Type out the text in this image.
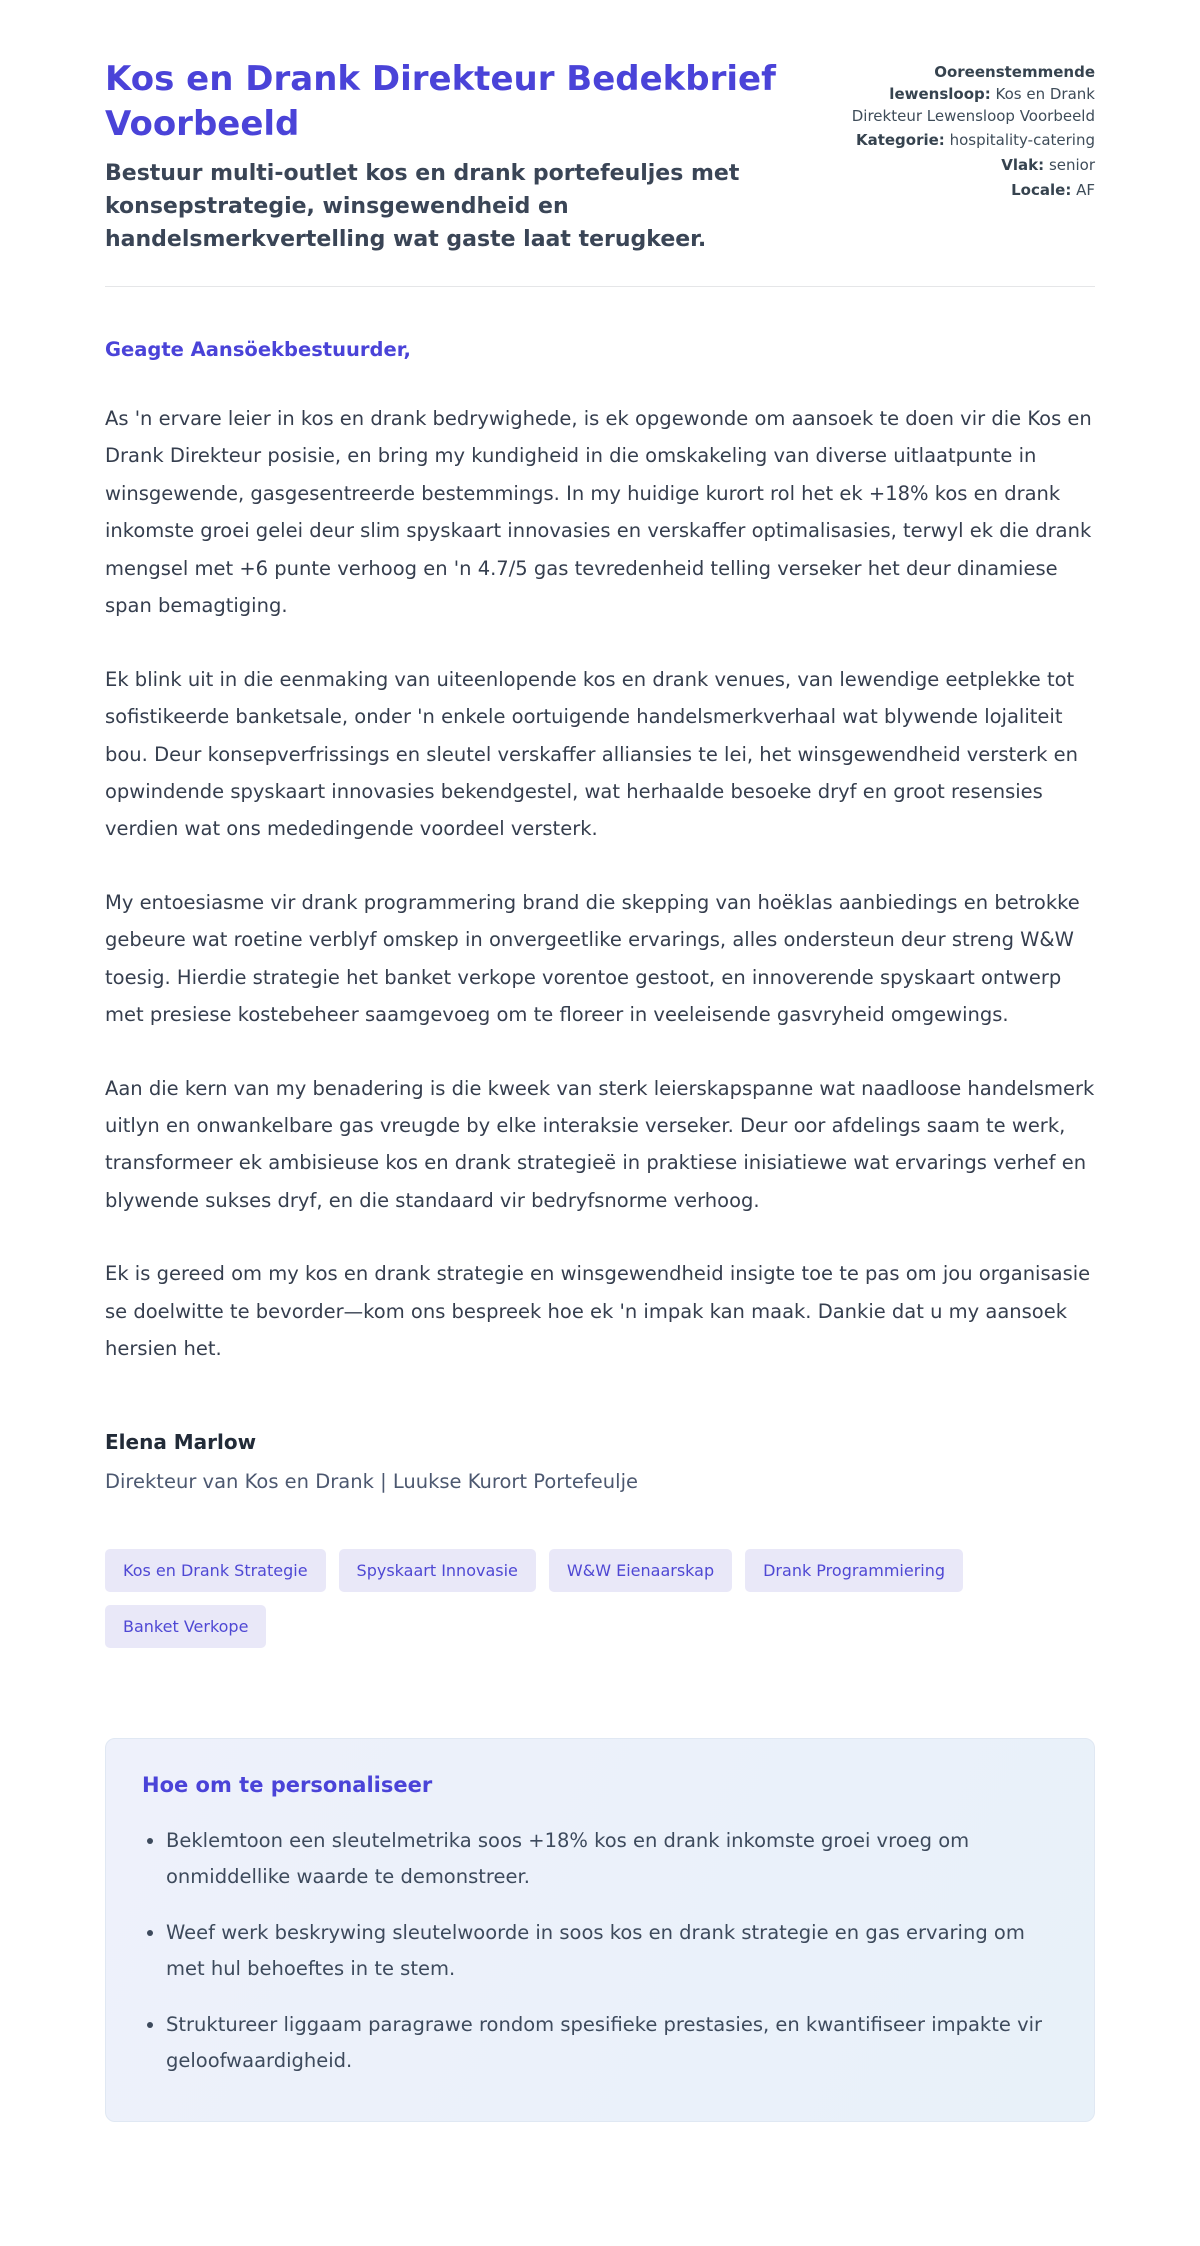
Kos en Drank Direkteur Bedekbrief Voorbeeld

Bestuur multi-outlet kos en drank portefeuljes met konsepstrategie, winsgewendheid en handelsmerkvertelling wat gaste laat terugkeer.

Ooreenstemmende lewensloop: Kos en Drank Direkteur Lewensloop Voorbeeld
Kategorie: hospitality-catering
Vlak: senior
Locale: AF

Geagte Aansöekbestuurder,

As 'n ervare leier in kos en drank bedrywighede, is ek opgewonde om aansoek te doen vir die Kos en Drank Direkteur posisie, en bring my kundigheid in die omskakeling van diverse uitlaatpunte in winsgewende, gasgesentreerde bestemmings. In my huidige kurort rol het ek +18% kos en drank inkomste groei gelei deur slim spyskaart innovasies en verskaffer optimalisasies, terwyl ek die drank mengsel met +6 punte verhoog en 'n 4.7/5 gas tevredenheid telling verseker het deur dinamiese span bemagtiging.

Ek blink uit in die eenmaking van uiteenlopende kos en drank venues, van lewendige eetplekke tot sofistikeerde banketsale, onder 'n enkele oortuigende handelsmerkverhaal wat blywende lojaliteit bou. Deur konsepverfrissings en sleutel verskaffer alliansies te lei, het winsgewendheid versterk en opwindende spyskaart innovasies bekendgestel, wat herhaalde besoeke dryf en groot resensies verdien wat ons mededingende voordeel versterk.

My entoesiasme vir drank programmering brand die skepping van hoëklas aanbiedings en betrokke gebeure wat roetine verblyf omskep in onvergeetlike ervarings, alles ondersteun deur streng W&W toesig. Hierdie strategie het banket verkope vorentoe gestoot, en innoverende spyskaart ontwerp met presiese kostebeheer saamgevoeg om te floreer in veeleisende gasvryheid omgewings.

Aan die kern van my benadering is die kweek van sterk leierskapspanne wat naadloose handelsmerk uitlyn en onwankelbare gas vreugde by elke interaksie verseker. Deur oor afdelings saam te werk, transformeer ek ambisieuse kos en drank strategieë in praktiese inisiatiewe wat ervarings verhef en blywende sukses dryf, en die standaard vir bedryfsnorme verhoog.

Ek is gereed om my kos en drank strategie en winsgewendheid insigte toe te pas om jou organisasie se doelwitte te bevorder—kom ons bespreek hoe ek 'n impak kan maak. Dankie dat u my aansoek hersien het.

Elena Marlow

Direkteur van Kos en Drank | Luukse Kurort Portefeulje

Kos en Drank Strategie	Spyskaart Innovasie	W&W Eienaarskap	Drank Programmiering
Banket Verkope
Hoe om te personaliseer
• Beklemtoon een sleutelmetrika soos +18% kos en drank inkomste groei vroeg om onmiddellike waarde te demonstreer.
• Weef werk beskrywing sleutelwoorde in soos kos en drank strategie en gas ervaring om met hul behoeftes in te stem.
• Struktureer liggaam paragrawe rondom spesifieke prestasies, en kwantifiseer impakte vir geloofwaardigheid.
